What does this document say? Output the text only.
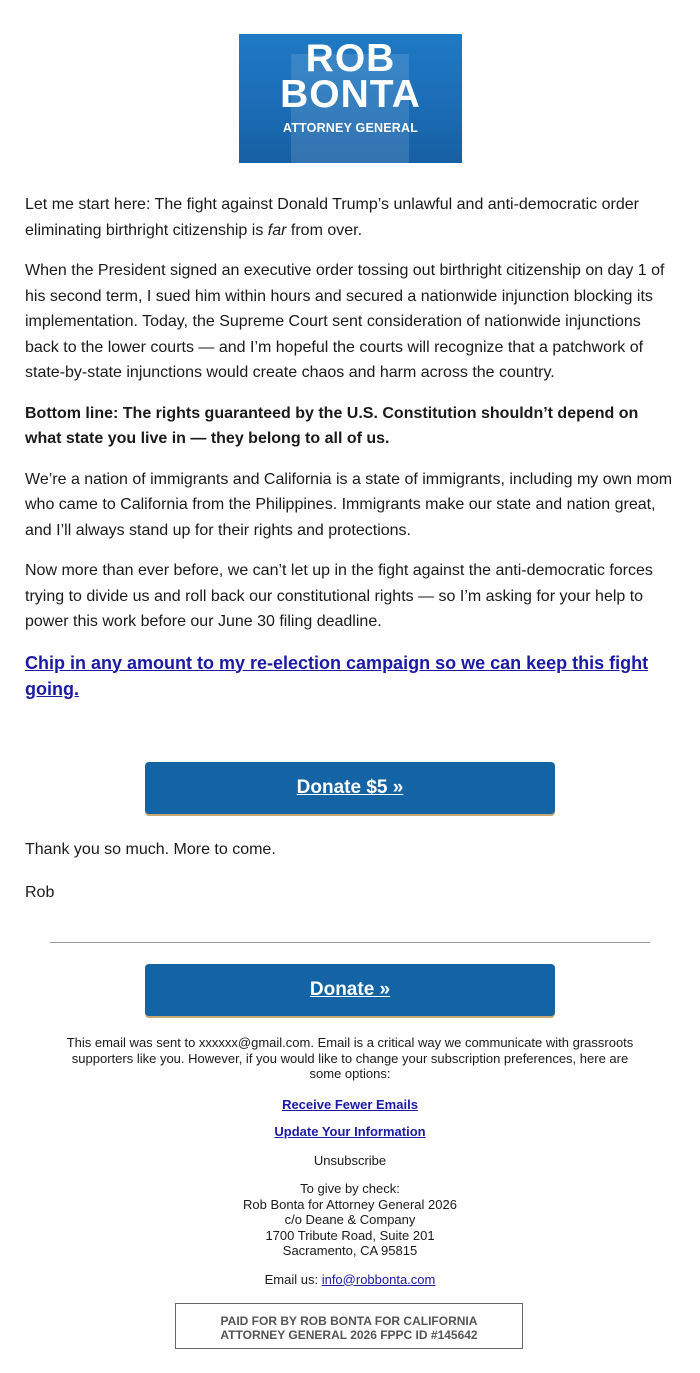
ROB
BONTA
ATTORNEY GENERAL

Let me start here: The fight against Donald Trump’s unlawful and anti-democratic order eliminating birthright citizenship is far from over.

When the President signed an executive order tossing out birthright citizenship on day 1 of his second term, I sued him within hours and secured a nationwide injunction blocking its implementation. Today, the Supreme Court sent consideration of nationwide injunctions back to the lower courts — and I’m hopeful the courts will recognize that a patchwork of state-by-state injunctions would create chaos and harm across the country.

Bottom line: The rights guaranteed by the U.S. Constitution shouldn’t depend on what state you live in — they belong to all of us.

We’re a nation of immigrants and California is a state of immigrants, including my own mom who came to California from the Philippines. Immigrants make our state and nation great, and I’ll always stand up for their rights and protections.

Now more than ever before, we can’t let up in the fight against the anti-democratic forces trying to divide us and roll back our constitutional rights — so I’m asking for your help to power this work before our June 30 filing deadline.

Chip in any amount to my re-election campaign so we can keep this fight going.
Donate $5 »
Thank you so much. More to come.
Rob
Donate »

This email was sent to xxxxxx@gmail.com. Email is a critical way we communicate with grassroots supporters like you. However, if you would like to change your subscription preferences, here are some options:

Receive Fewer Emails
Update Your Information
Unsubscribe
To give by check:
Rob Bonta for Attorney General 2026
c/o Deane & Company
1700 Tribute Road, Suite 201
Sacramento, CA 95815
Email us: info@robbonta.com
PAID FOR BY ROB BONTA FOR CALIFORNIA
ATTORNEY GENERAL 2026 FPPC ID #145642
